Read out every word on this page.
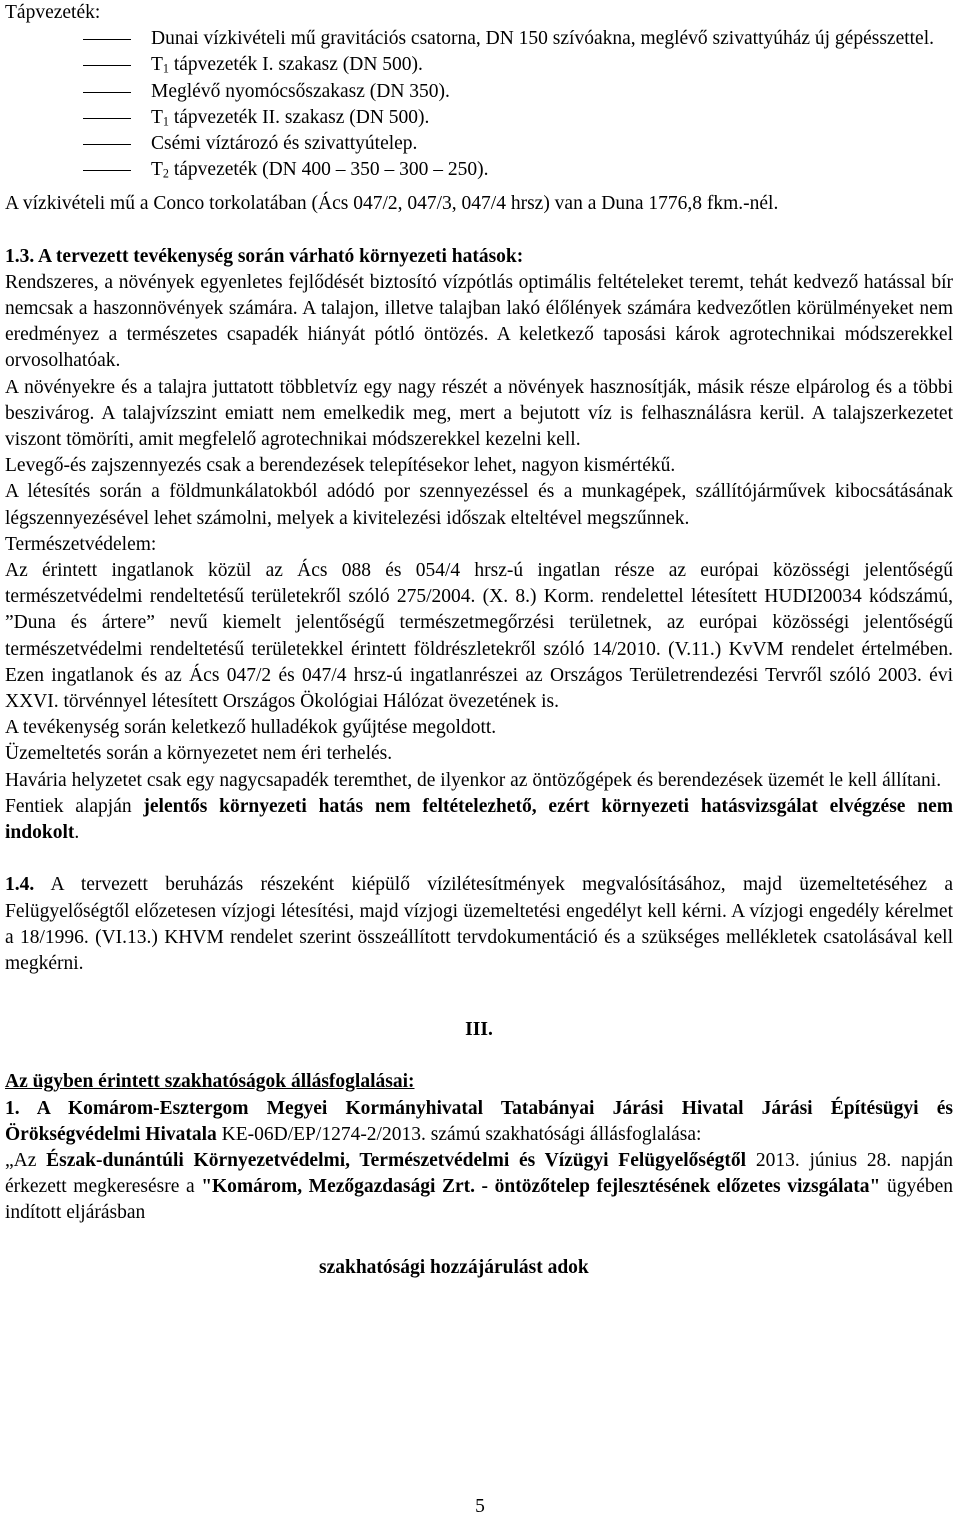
Tápvezeték:

Dunai vízkivételi mű gravitációs csatorna, DN 150 szívóakna, meglévő szivattyúház új gépésszettel.
$T_1$ tápvezeték I. szakasz (DN 500).
Meglévő nyomócsőszakasz (DN 350).
$T_1$ tápvezeték II. szakasz (DN 500).
Csémi víztározó és szivattyútelep.
$T_2$ tápvezeték (DN 400 – 350 – 300 – 250).

A vízkivételi mű a Conco torkolatában (Ács 047/2, 047/3, 047/4 hrsz) van a Duna 1776,8 fkm.-nél.

1.3. A tervezett tevékenység során várható környezeti hatások:

Rendszeres, a növények egyenletes fejlődését biztosító vízpótlás optimális feltételeket teremt, tehát kedvező hatással bír nemcsak a haszonnövények számára. A talajon, illetve talajban lakó élőlények számára kedvezőtlen körülményeket nem eredményez a természetes csapadék hiányát pótló öntözés. A keletkező taposási károk agrotechnikai módszerekkel orvosolhatóak.

A növényekre és a talajra juttatott többletvíz egy nagy részét a növények hasznosítják, másik része elpárolog és a többi beszivárog. A talajvízszint emiatt nem emelkedik meg, mert a bejutott víz is felhasználásra kerül. A talajszerkezetet viszont tömöríti, amit megfelelő agrotechnikai módszerekkel kezelni kell.

Levegő-és zajszennyezés csak a berendezések telepítésekor lehet, nagyon kismértékű.

A létesítés során a földmunkálatokból adódó por szennyezéssel és a munkagépek, szállítójárművek kibocsátásának légszennyezésével lehet számolni, melyek a kivitelezési időszak elteltével megszűnnek.

Természetvédelem:

Az érintett ingatlanok közül az Ács 088 és 054/4 hrsz-ú ingatlan része az európai közösségi jelentőségű természetvédelmi rendeltetésű területekről szóló 275/2004. (X. 8.) Korm. rendelettel létesített HUDI20034 kódszámú, ”Duna és ártere” nevű kiemelt jelentőségű természetmegőrzési területnek, az európai közösségi jelentőségű természetvédelmi rendeltetésű területekkel érintett földrészletekről szóló 14/2010. (V.11.) KvVM rendelet értelmében. Ezen ingatlanok és az Ács 047/2 és 047/4 hrsz-ú ingatlanrészei az Országos Területrendezési Tervről szóló 2003. évi XXVI. törvénnyel létesített Országos Ökológiai Hálózat övezetének is.

A tevékenység során keletkező hulladékok gyűjtése megoldott.

Üzemeltetés során a környezetet nem éri terhelés.

Havária helyzetet csak egy nagycsapadék teremthet, de ilyenkor az öntözőgépek és berendezések üzemét le kell állítani.

Fentiek alapján jelentős környezeti hatás nem feltételezhető, ezért környezeti hatásvizsgálat elvégzése nem indokolt.

1.4. A tervezett beruházás részeként kiépülő vízilétesítmények megvalósításához, majd üzemeltetéséhez a Felügyelőségtől előzetesen vízjogi létesítési, majd vízjogi üzemeltetési engedélyt kell kérni. A vízjogi engedély kérelmet a 18/1996. (VI.13.) KHVM rendelet szerint összeállított tervdokumentáció és a szükséges mellékletek csatolásával kell megkérni.

III.

Az ügyben érintett szakhatóságok állásfoglalásai:

1. A Komárom-Esztergom Megyei Kormányhivatal Tatabányai Járási Hivatal Járási Építésügyi és Örökségvédelmi Hivatala KE-06D/EP/1274-2/2013. számú szakhatósági állásfoglalása:

„Az Észak-dunántúli Környezetvédelmi, Természetvédelmi és Vízügyi Felügyelőségtől 2013. június 28. napján érkezett megkeresésre a "Komárom, Mezőgazdasági Zrt. - öntözőtelep fejlesztésének előzetes vizsgálata" ügyében indított eljárásban

szakhatósági hozzájárulást adok

5
